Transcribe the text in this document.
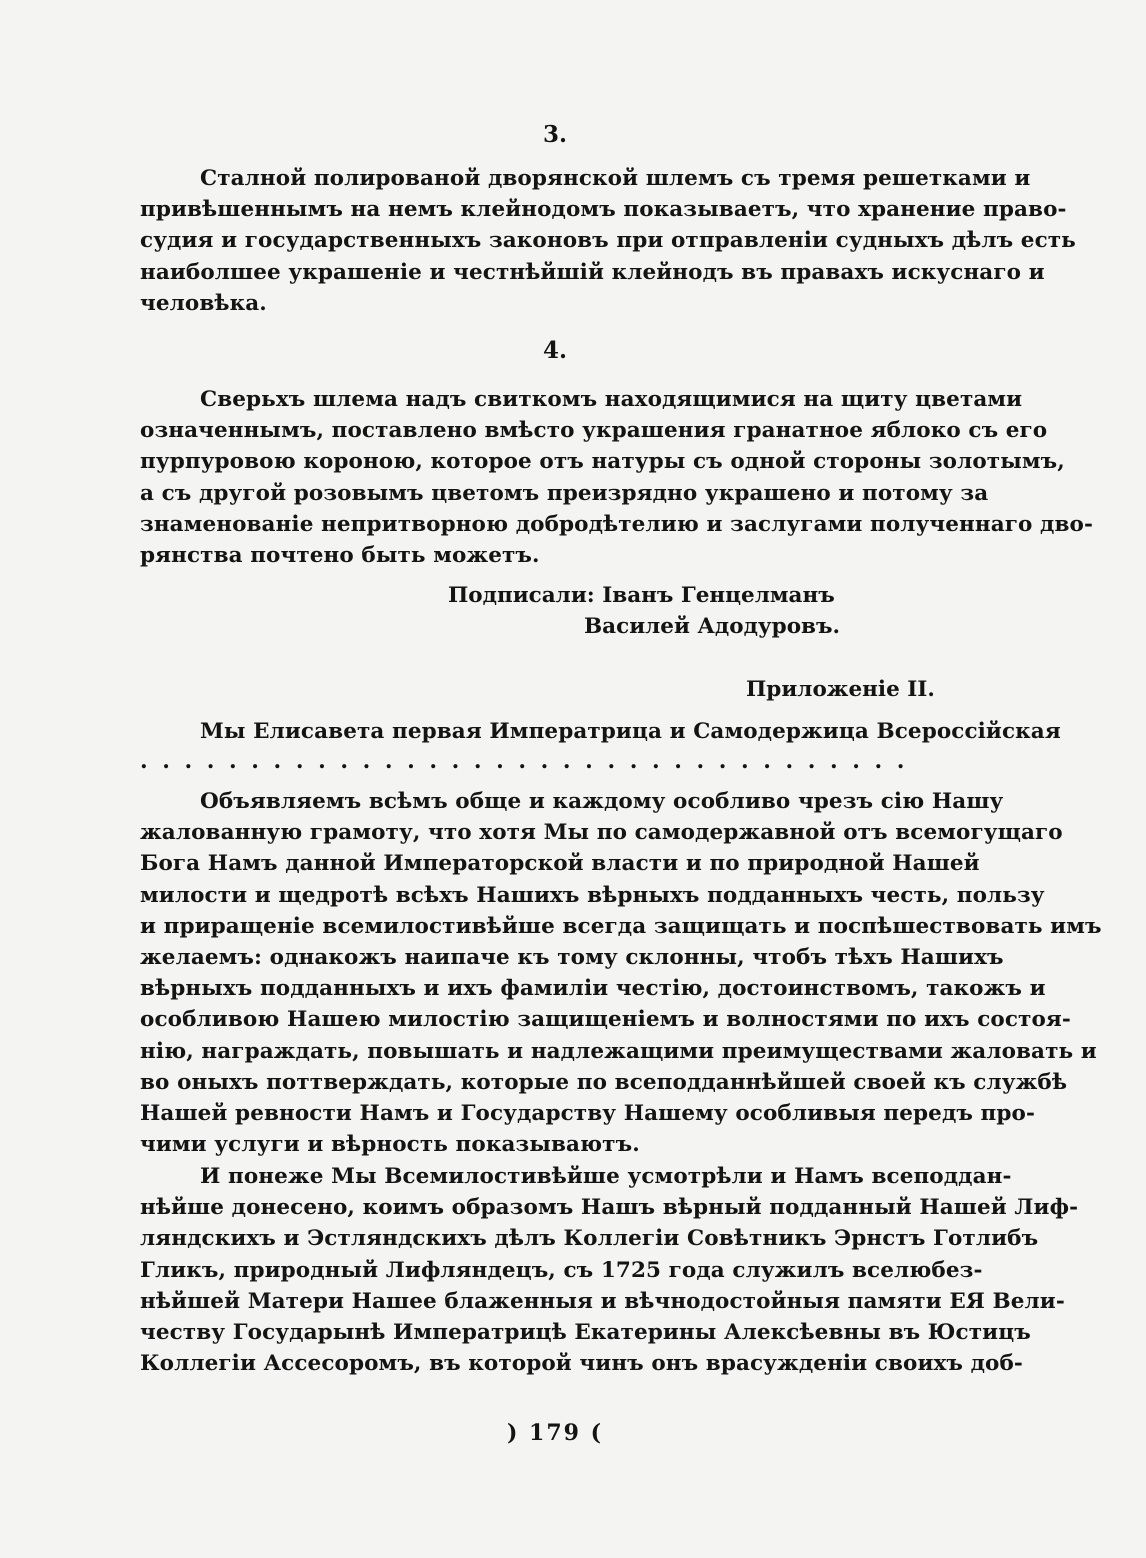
3.
Сталной полированой дворянской шлемъ съ тремя решетками и
привѣшеннымъ на немъ клейнодомъ показываетъ, что хранение право-
судия и государственныхъ законовъ при отправленіи судныхъ дѣлъ есть
наиболшее украшеніе и честнѣйшій клейнодъ въ правахъ искуснаго и
человѣка.
4.
Сверьхъ шлема надъ свиткомъ находящимися на щиту цветами
означеннымъ, поставлено вмѣсто украшения гранатное яблоко съ его
пурпуровою короною, которое отъ натуры съ одной стороны золотымъ,
а съ другой розовымъ цветомъ преизрядно украшено и потому за
знаменованіе непритворною добродѣтелию и заслугами полученнаго дво-
рянства почтено быть можетъ.
Подписали: Іванъ Генцелманъ
Василей Адодуровъ.
Приложеніе II.
Мы Елисавета первая Императрица и Самодержица Всероссійская
...................................
Объявляемъ всѣмъ обще и каждому особливо чрезъ сію Нашу
жалованную грамоту, что хотя Мы по самодержавной отъ всемогущаго
Бога Намъ данной Императорской власти и по природной Нашей
милости и щедротѣ всѣхъ Нашихъ вѣрныхъ подданныхъ честь, пользу
и приращеніе всемилостивѣйше всегда защищать и поспѣшествовать имъ
желаемъ: однакожъ наипаче къ тому склонны, чтобъ тѣхъ Нашихъ
вѣрныхъ подданныхъ и ихъ фамиліи честію, достоинствомъ, такожъ и
особливою Нашею милостію защищеніемъ и волностями по ихъ состоя-
нію, награждать, повышать и надлежащими преимуществами жаловать и
во оныхъ поттверждать, которые по всеподданнѣйшей своей къ службѣ
Нашей ревности Намъ и Государству Нашему особливыя передъ про-
чими услуги и вѣрность показываютъ.
И понеже Мы Всемилостивѣйше усмотрѣли и Намъ всеподдан-
нѣйше донесено, коимъ образомъ Нашъ вѣрный подданный Нашей Лиф-
ляндскихъ и Эстляндскихъ дѣлъ Коллегіи Совѣтникъ Эрнстъ Готлибъ
Гликъ, природный Лифляндецъ, съ 1725 года служилъ вселюбез-
нѣйшей Матери Нашее блаженныя и вѣчнодостойныя памяти ЕЯ Вели-
честву Государынѣ Императрицѣ Екатерины Алексѣевны въ Юстицъ
Коллегіи Ассесоромъ, въ которой чинъ онъ врасужденіи своихъ доб-
) 179 (
